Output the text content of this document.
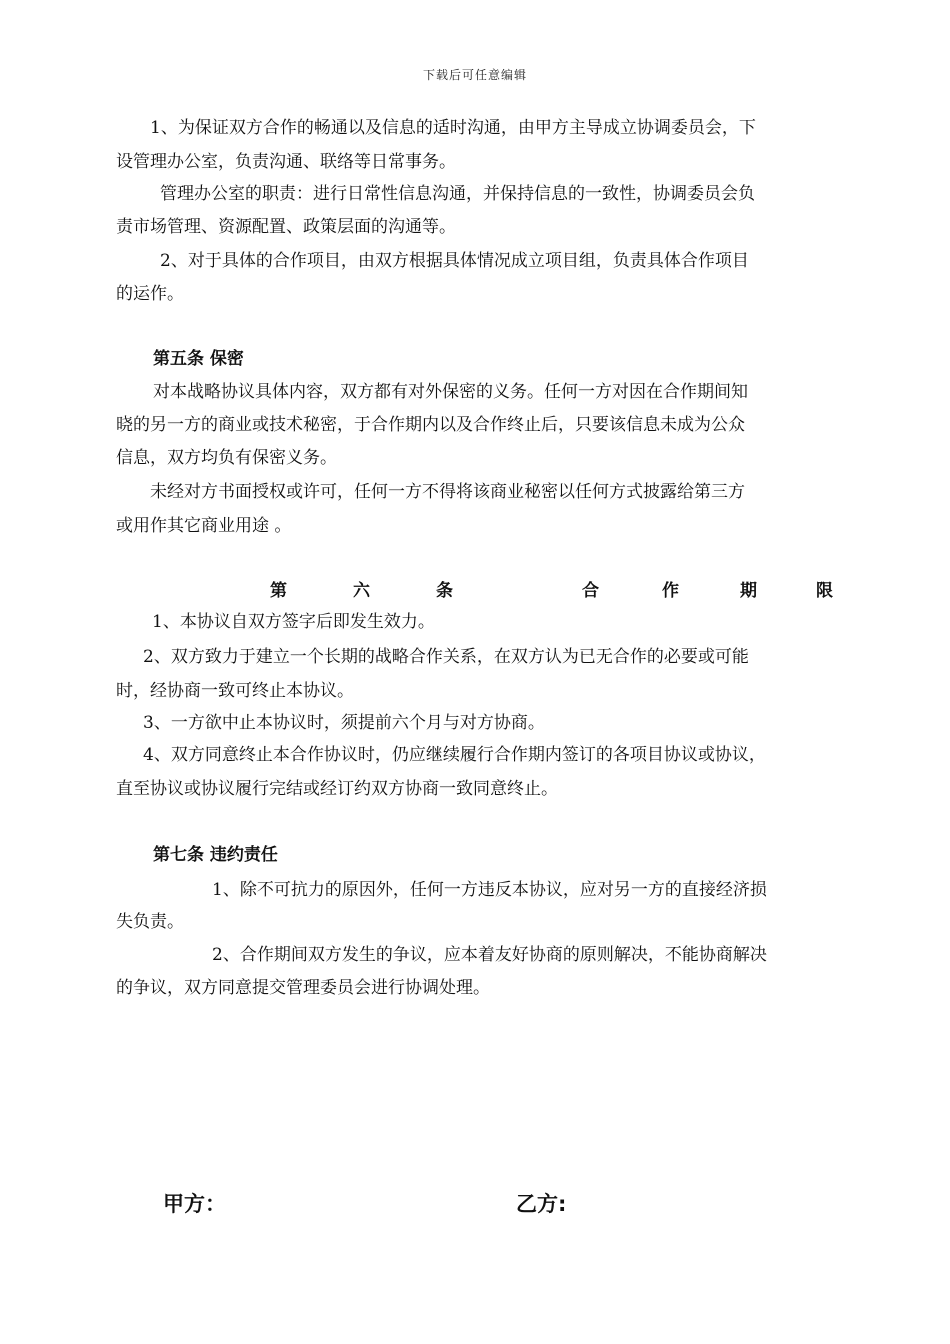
下载后可任意编辑
1、为保证双方合作的畅通以及信息的适时沟通，由甲方主导成立协调委员会，下
设管理办公室，负责沟通、联络等日常事务。
管理办公室的职责：进行日常性信息沟通，并保持信息的一致性，协调委员会负
责市场管理、资源配置、政策层面的沟通等。
2、对于具体的合作项目，由双方根据具体情况成立项目组，负责具体合作项目
的运作。
第五条 保密
对本战略协议具体内容，双方都有对外保密的义务。任何一方对因在合作期间知
晓的另一方的商业或技术秘密，于合作期内以及合作终止后，只要该信息未成为公众
信息，双方均负有保密义务。
未经对方书面授权或许可，任何一方不得将该商业秘密以任何方式披露给第三方
或用作其它商业用途 。
第	六	条	合	作	期	限
1、本协议自双方签字后即发生效力。
2、双方致力于建立一个长期的战略合作关系，在双方认为已无合作的必要或可能
时，经协商一致可终止本协议。
3、一方欲中止本协议时，须提前六个月与对方协商。
4、双方同意终止本合作协议时，仍应继续履行合作期内签订的各项目协议或协议，
直至协议或协议履行完结或经订约双方协商一致同意终止。
第七条 违约责任
1、除不可抗力的原因外，任何一方违反本协议，应对另一方的直接经济损
失负责。
2、合作期间双方发生的争议，应本着友好协商的原则解决，不能协商解决
的争议，双方同意提交管理委员会进行协调处理。
甲方：	乙方:
